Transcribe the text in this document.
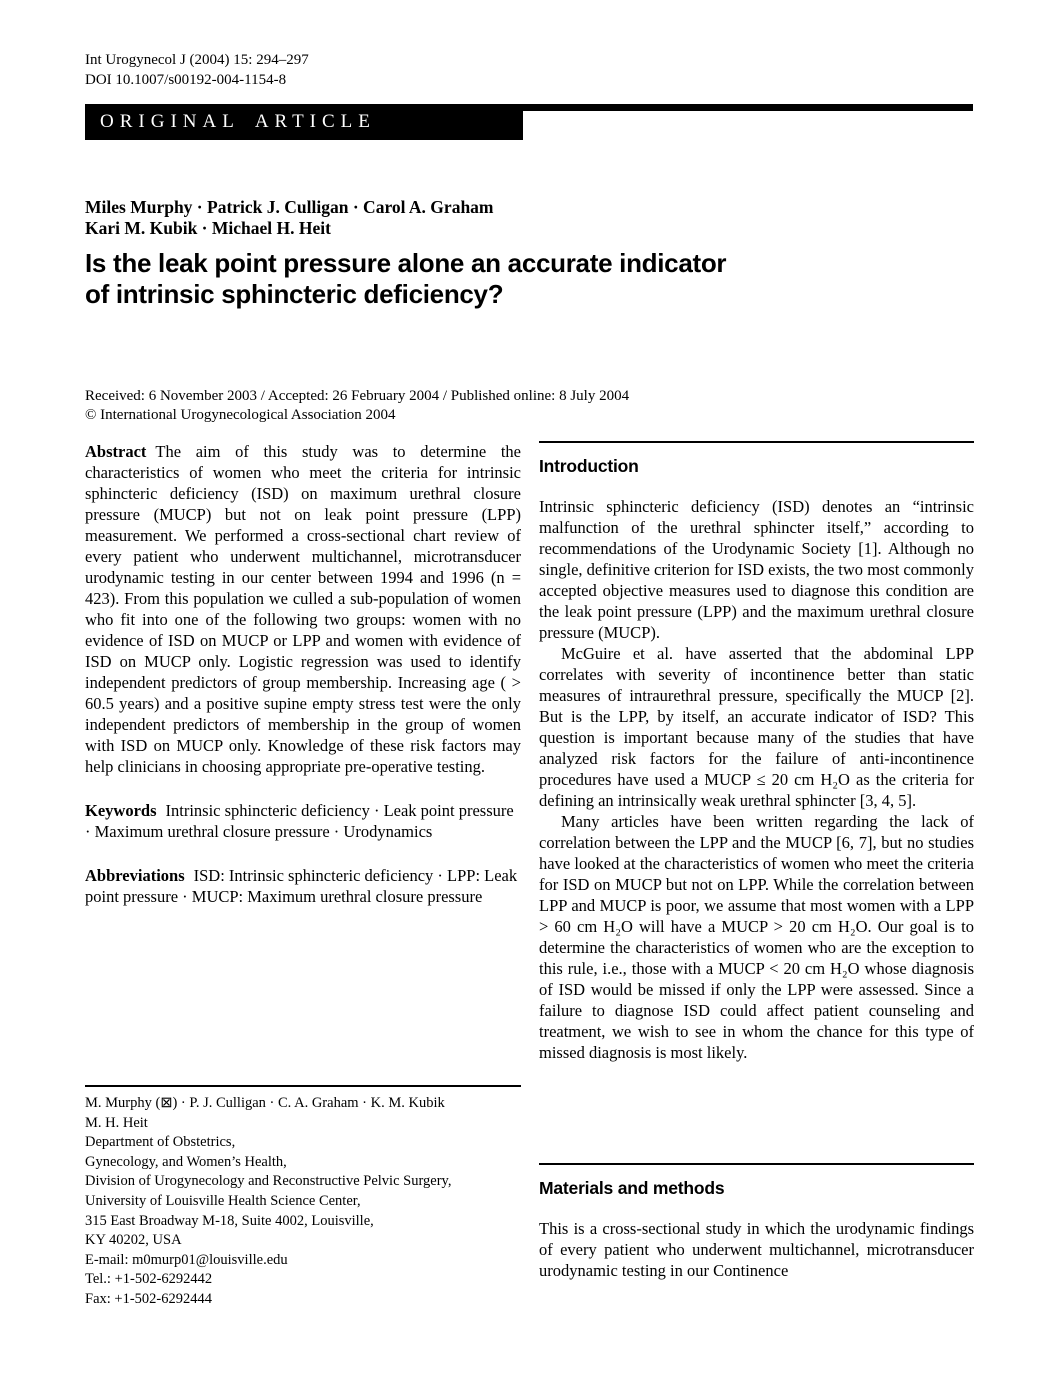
Int Urogynecol J (2004) 15: 294–297
DOI 10.1007/s00192-004-1154-8
ORIGINAL ARTICLE
Miles Murphy · Patrick J. Culligan · Carol A. Graham
Kari M. Kubik · Michael H. Heit
Is the leak point pressure alone an accurate indicator
of intrinsic sphincteric deficiency?
Received: 6 November 2003 / Accepted: 26 February 2004 / Published online: 8 July 2004
© International Urogynecological Association 2004

Abstract The aim of this study was to determine the characteristics of women who meet the criteria for intrinsic sphincteric deficiency (ISD) on maximum urethral closure pressure (MUCP) but not on leak point pressure (LPP) measurement. We performed a cross-sectional chart review of every patient who underwent multichannel, microtransducer urodynamic testing in our center between 1994 and 1996 (n = 423). From this population we culled a sub-population of women who fit into one of the following two groups: women with no evidence of ISD on MUCP or LPP and women with evidence of ISD on MUCP only. Logistic regression was used to identify independent predictors of group membership. Increasing age ( > 60.5 years) and a positive supine empty stress test were the only independent predictors of membership in the group of women with ISD on MUCP only. Knowledge of these risk factors may help clinicians in choosing appropriate pre-operative testing.

Keywords Intrinsic sphincteric deficiency · Leak point pressure · Maximum urethral closure pressure · Urodynamics

Abbreviations ISD: Intrinsic sphincteric deficiency · LPP: Leak point pressure · MUCP: Maximum urethral closure pressure

M. Murphy (⊠) · P. J. Culligan · C. A. Graham · K. M. Kubik
M. H. Heit
Department of Obstetrics,
Gynecology, and Women’s Health,
Division of Urogynecology and Reconstructive Pelvic Surgery,
University of Louisville Health Science Center,
315 East Broadway M-18, Suite 4002, Louisville,
KY 40202, USA
E-mail: m0murp01@louisville.edu
Tel.: +1-502-6292442
Fax: +1-502-6292444
Introduction

Intrinsic sphincteric deficiency (ISD) denotes an “intrinsic malfunction of the urethral sphincter itself,” according to recommendations of the Urodynamic Society [1]. Although no single, definitive criterion for ISD exists, the two most commonly accepted objective measures used to diagnose this condition are the leak point pressure (LPP) and the maximum urethral closure pressure (MUCP).

McGuire et al. have asserted that the abdominal LPP correlates with severity of incontinence better than static measures of intraurethral pressure, specifically the MUCP [2]. But is the LPP, by itself, an accurate indicator of ISD? This question is important because many of the studies that have analyzed risk factors for the failure of anti-incontinence procedures have used a MUCP ≤ 20 cm H₂O as the criteria for defining an intrinsically weak urethral sphincter [3, 4, 5].

Many articles have been written regarding the lack of correlation between the LPP and the MUCP [6, 7], but no studies have looked at the characteristics of women who meet the criteria for ISD on MUCP but not on LPP. While the correlation between LPP and MUCP is poor, we assume that most women with a LPP > 60 cm H₂O will have a MUCP > 20 cm H₂O. Our goal is to determine the characteristics of women who are the exception to this rule, i.e., those with a MUCP < 20 cm H₂O whose diagnosis of ISD would be missed if only the LPP were assessed. Since a failure to diagnose ISD could affect patient counseling and treatment, we wish to see in whom the chance for this type of missed diagnosis is most likely.

Materials and methods

This is a cross-sectional study in which the urodynamic findings of every patient who underwent multichannel, microtransducer urodynamic testing in our Continence
